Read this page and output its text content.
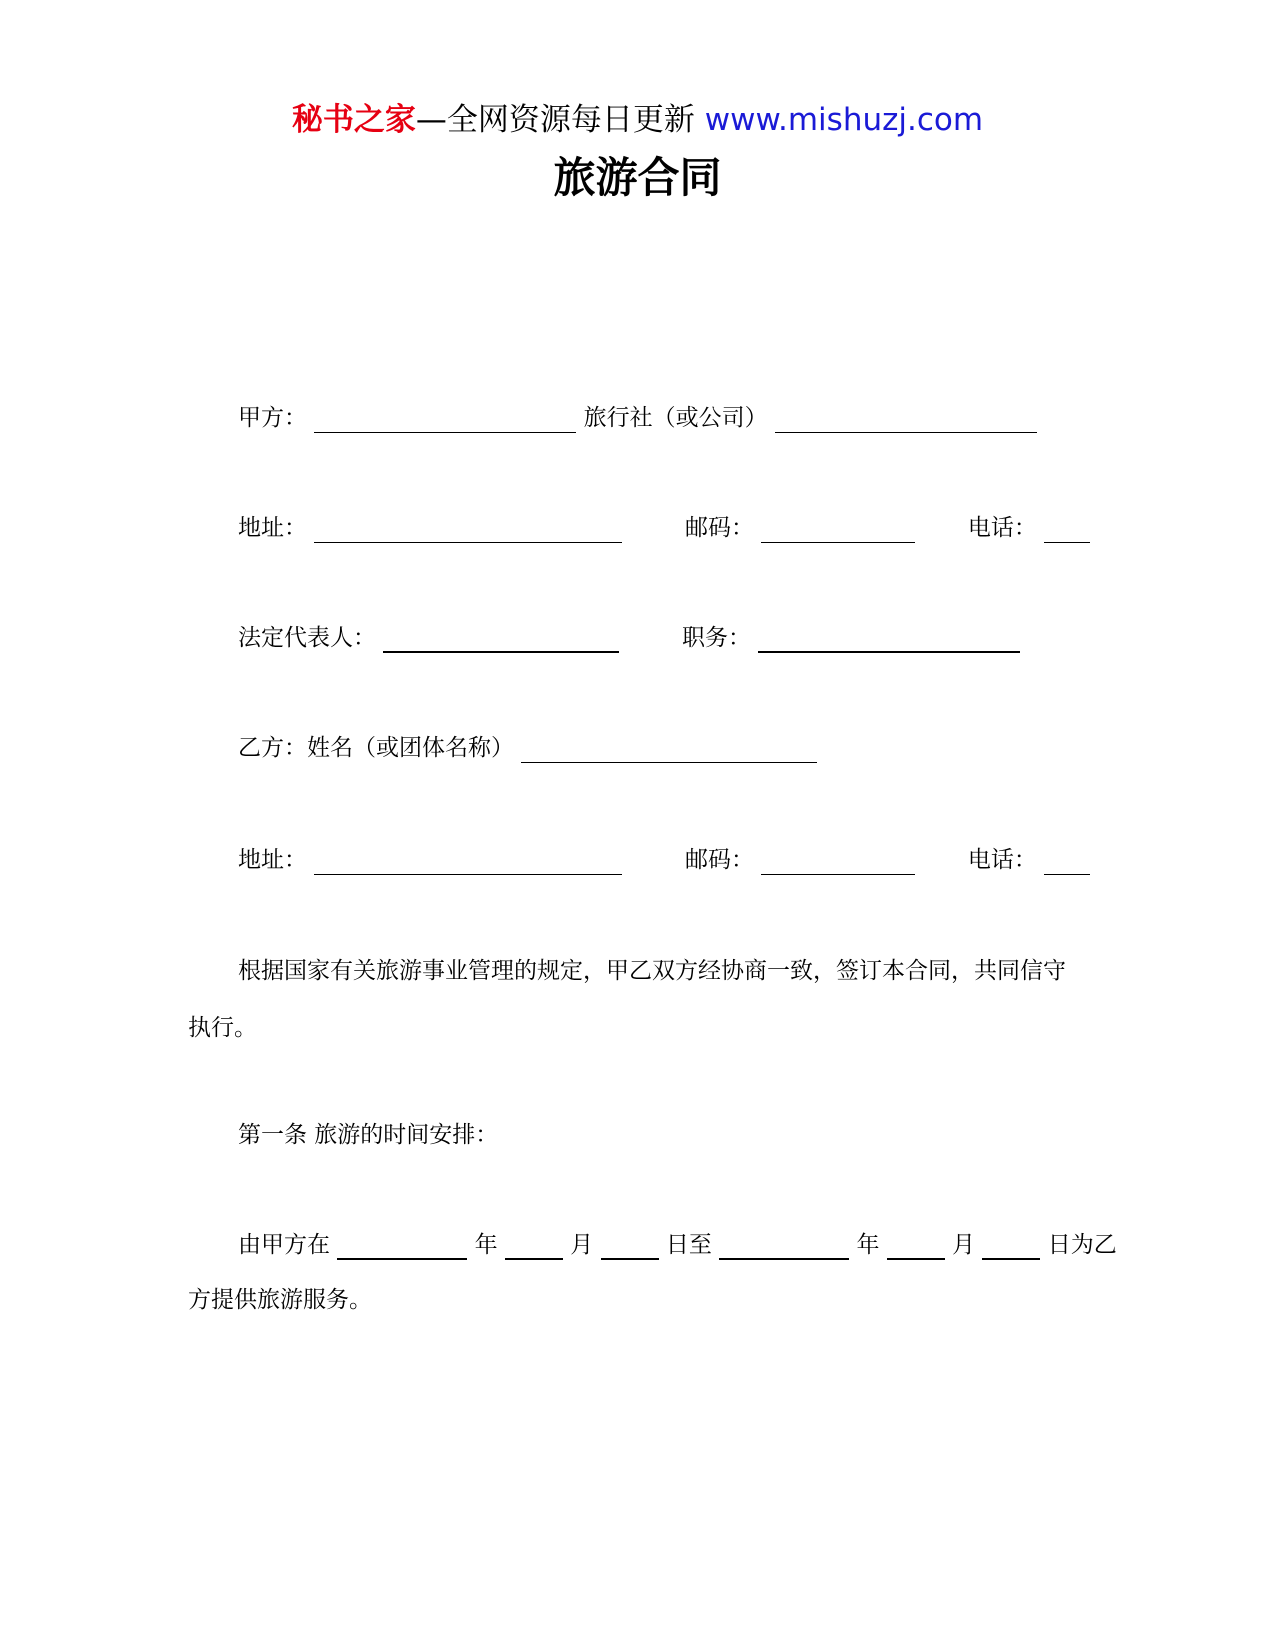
秘书之家—全网资源每日更新 www.mishuzj.com
旅游合同
甲方：	旅行社（或公司）
地址：	邮码：	电话：
法定代表人：	职务：
乙方：姓名（或团体名称）
地址：	邮码：	电话：
根据国家有关旅游事业管理的规定，甲乙双方经协商一致，签订本合同，共同信守执行。
第一条 旅游的时间安排：
由甲方在	年	月	日至	年	月	日为乙
方提供旅游服务。
